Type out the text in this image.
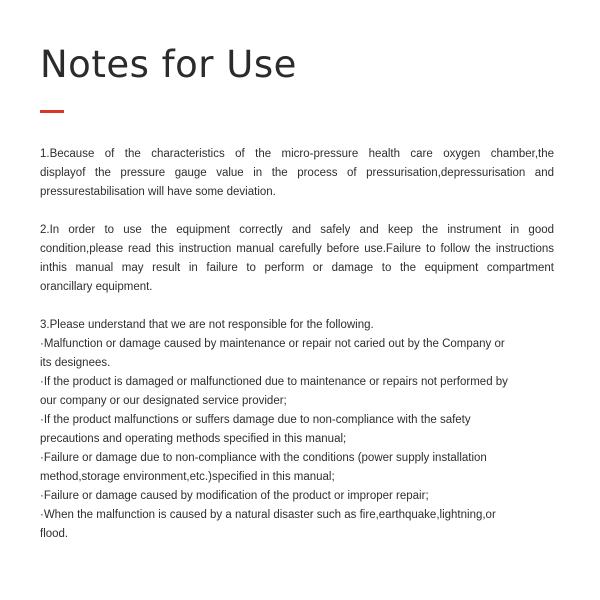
Notes for Use

1.Because of the characteristics of the micro-pressure health care oxygen chamber,the
displayof the pressure gauge value in the process of pressurisation,depressurisation and
pressurestabilisation will have some deviation.

2.In order to use the equipment correctly and safely and keep the instrument in good
condition,please read this instruction manual carefully before use.Failure to follow the instructions
inthis manual may result in failure to perform or damage to the equipment compartment
orancillary equipment.

3.Please understand that we are not responsible for the following.
·Malfunction or damage caused by maintenance or repair not caried out by the Company or
its designees.
·If the product is damaged or malfunctioned due to maintenance or repairs not performed by
our company or our designated service provider;
·If the product malfunctions or suffers damage due to non-compliance with the safety
precautions and operating methods specified in this manual;
·Failure or damage due to non-compliance with the conditions (power supply installation
method,storage environment,etc.)specified in this manual;
·Failure or damage caused by modification of the product or improper repair;
·When the malfunction is caused by a natural disaster such as fire,earthquake,lightning,or
flood.
